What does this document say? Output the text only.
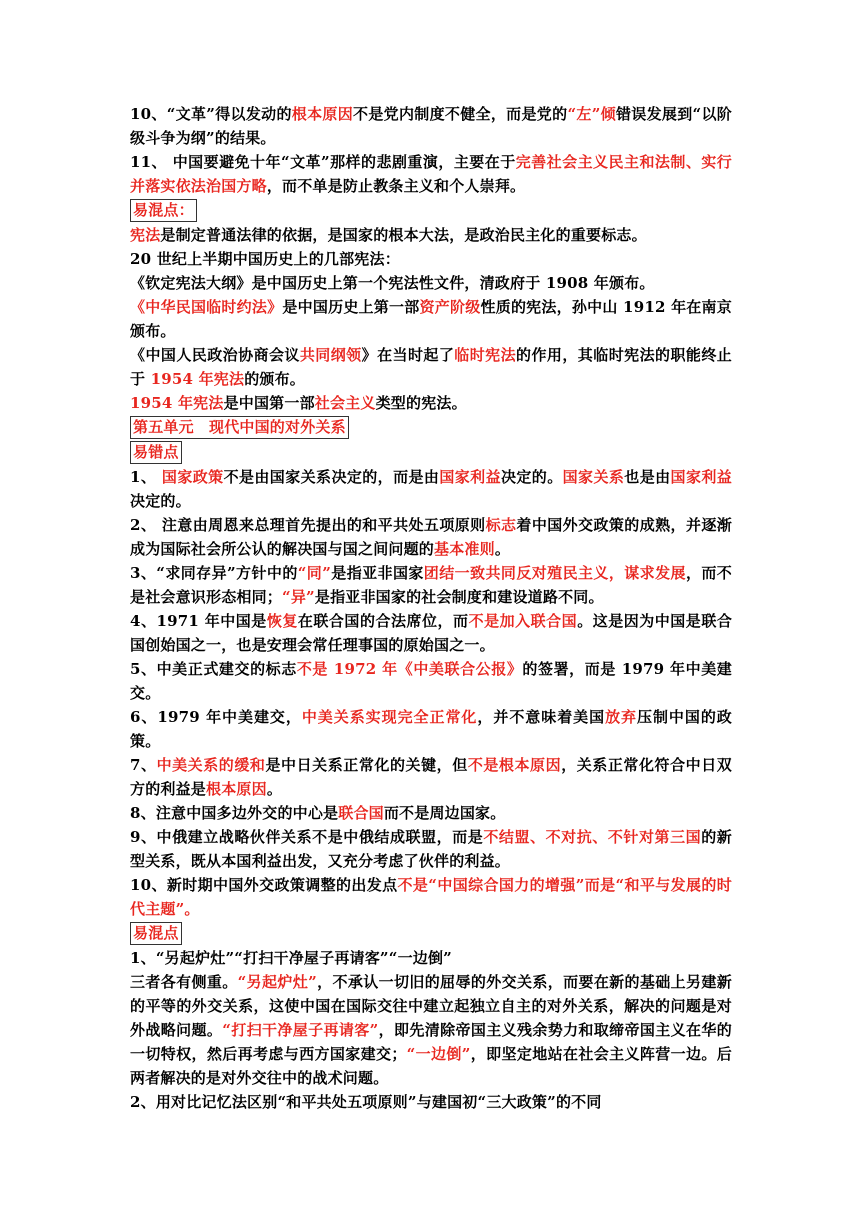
10、“文革”得以发动的根本原因不是党内制度不健全，而是党的“左”倾错误发展到“以阶级斗争为纲”的结果。
11、 中国要避免十年“文革”那样的悲剧重演，主要在于完善社会主义民主和法制、实行并落实依法治国方略，而不单是防止教条主义和个人崇拜。
易混点：
宪法是制定普通法律的依据，是国家的根本大法，是政治民主化的重要标志。
20 世纪上半期中国历史上的几部宪法：
《钦定宪法大纲》是中国历史上第一个宪法性文件，清政府于 1908 年颁布。
《中华民国临时约法》是中国历史上第一部资产阶级性质的宪法，孙中山 1912 年在南京颁布。
《中国人民政治协商会议共同纲领》在当时起了临时宪法的作用，其临时宪法的职能终止于 1954 年宪法的颁布。
1954 年宪法是中国第一部社会主义类型的宪法。
第五单元　现代中国的对外关系
易错点
1、 国家政策不是由国家关系决定的，而是由国家利益决定的。国家关系也是由国家利益决定的。
2、 注意由周恩来总理首先提出的和平共处五项原则标志着中国外交政策的成熟，并逐渐成为国际社会所公认的解决国与国之间问题的基本准则。
3、“求同存异”方针中的“同”是指亚非国家团结一致共同反对殖民主义，谋求发展，而不是社会意识形态相同；“异”是指亚非国家的社会制度和建设道路不同。
4、1971 年中国是恢复在联合国的合法席位，而不是加入联合国。这是因为中国是联合国创始国之一，也是安理会常任理事国的原始国之一。
5、中美正式建交的标志不是 1972 年《中美联合公报》的签署，而是 1979 年中美建交。
6、1979 年中美建交，中美关系实现完全正常化，并不意味着美国放弃压制中国的政策。
7、中美关系的缓和是中日关系正常化的关键，但不是根本原因，关系正常化符合中日双方的利益是根本原因。
8、注意中国多边外交的中心是联合国而不是周边国家。
9、中俄建立战略伙伴关系不是中俄结成联盟，而是不结盟、不对抗、不针对第三国的新型关系，既从本国利益出发，又充分考虑了伙伴的利益。
10、新时期中国外交政策调整的出发点不是“中国综合国力的增强”而是“和平与发展的时代主题”。
易混点
1、“另起炉灶”“打扫干净屋子再请客”“一边倒”
三者各有侧重。“另起炉灶”，不承认一切旧的屈辱的外交关系，而要在新的基础上另建新的平等的外交关系，这使中国在国际交往中建立起独立自主的对外关系，解决的问题是对外战略问题。“打扫干净屋子再请客”，即先清除帝国主义残余势力和取缔帝国主义在华的一切特权，然后再考虑与西方国家建交；“一边倒”，即坚定地站在社会主义阵营一边。后两者解决的是对外交往中的战术问题。
2、用对比记忆法区别“和平共处五项原则”与建国初“三大政策”的不同
